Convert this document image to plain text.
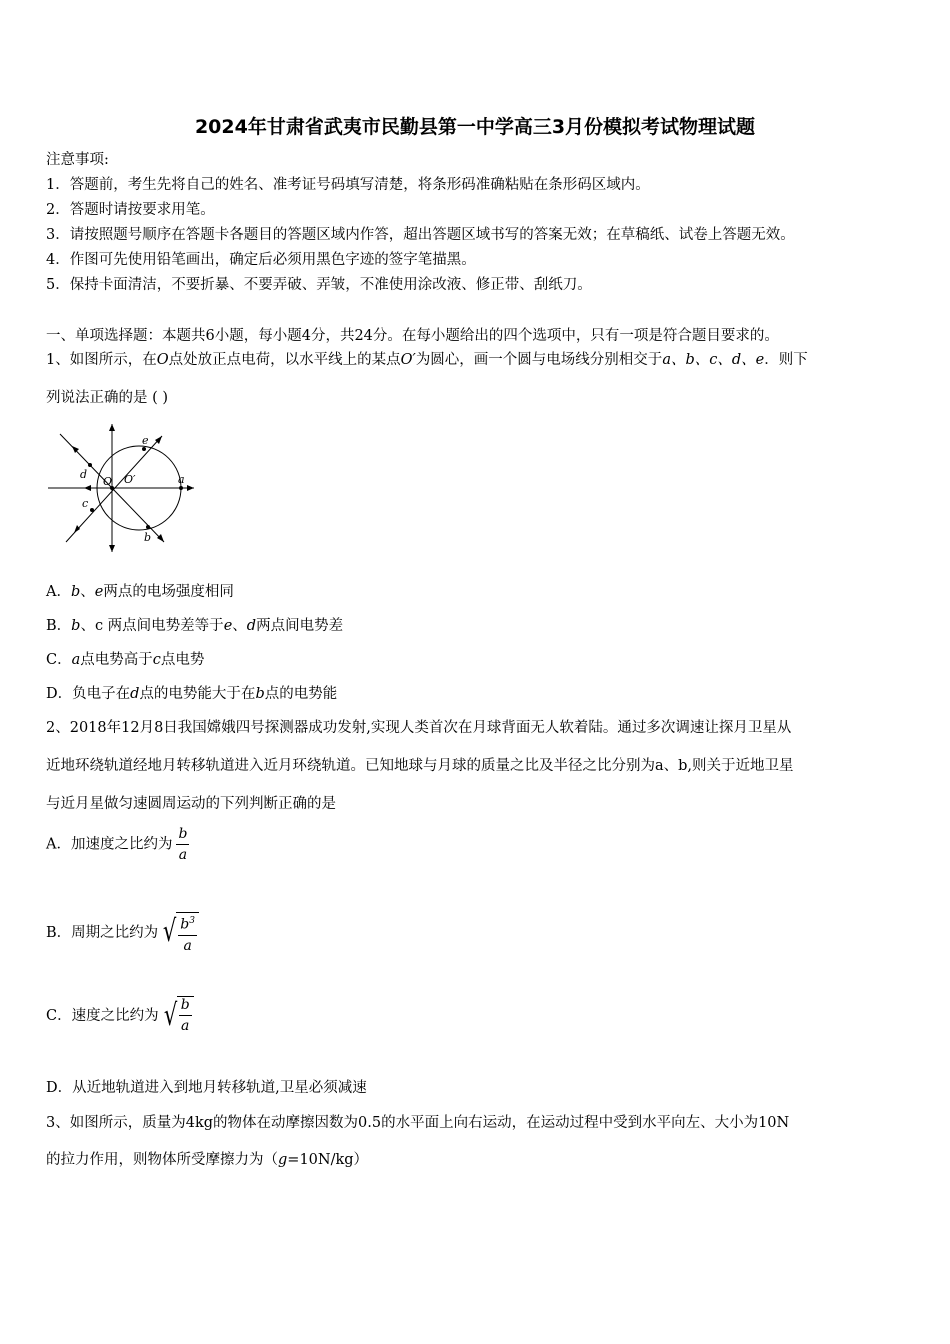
2024年甘肃省武夷市民勤县第一中学高三3月份模拟考试物理试题
注意事项:
1．答题前，考生先将自己的姓名、准考证号码填写清楚，将条形码准确粘贴在条形码区域内。
2．答题时请按要求用笔。
3．请按照题号顺序在答题卡各题目的答题区域内作答，超出答题区域书写的答案无效；在草稿纸、试卷上答题无效。
4．作图可先使用铅笔画出，确定后必须用黑色字迹的签字笔描黑。
5．保持卡面清洁，不要折暴、不要弄破、弄皱，不准使用涂改液、修正带、刮纸刀。
一、单项选择题：本题共6小题，每小题4分，共24分。在每小题给出的四个选项中，只有一项是符合题目要求的。
1、如图所示，在O点处放正点电荷，以水平线上的某点O′为圆心，画一个圆与电场线分别相交于a、b、c、d、e．则下
列说法正确的是 ( )
O O′	a
b
c
d
e
A．b、e两点的电场强度相同
B．b、c 两点间电势差等于e、d两点间电势差
C．a点电势高于c点电势
D．负电子在d点的电势能大于在b点的电势能
2、2018年12月8日我国嫦娥四号探测器成功发射,实现人类首次在月球背面无人软着陆。通过多次调速让探月卫星从
近地环绕轨道经地月转移轨道进入近月环绕轨道。已知地球与月球的质量之比及半径之比分别为a、b,则关于近地卫星
与近月星做匀速圆周运动的下列判断正确的是
A．加速度之比约为 $\frac{b}{a}$
B．周期之比约为 √ $\frac{b^3}{a}$
C．速度之比约为 √ $\frac{b}{a}$
D．从近地轨道进入到地月转移轨道,卫星必须减速
3、如图所示，质量为4kg的物体在动摩擦因数为0.5的水平面上向右运动，在运动过程中受到水平向左、大小为10N
的拉力作用，则物体所受摩擦力为（g=10N/kg）
